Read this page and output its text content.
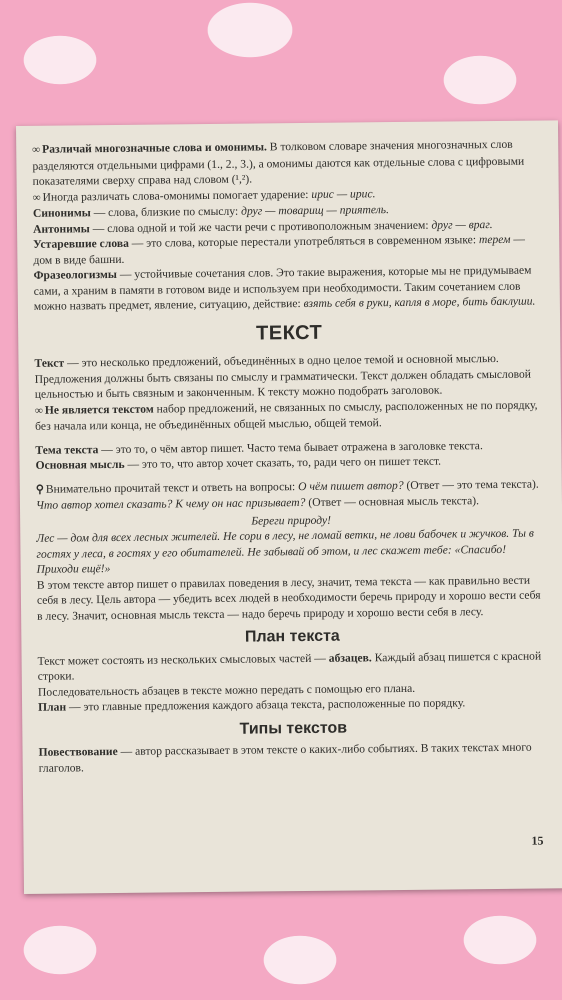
∞ Различай многозначные слова и омонимы. В толковом словаре значения многозначных слов разделяются отдельными цифрами (1., 2., 3.), а омонимы даются как отдельные слова с цифровыми показателями сверху справа над словом (¹,²).

∞ Иногда различать слова-омонимы помогает ударение: ирис — ирис.

Синонимы — слова, близкие по смыслу: друг — товарищ — приятель.

Антонимы — слова одной и той же части речи с противоположным значением: друг — враг.

Устаревшие слова — это слова, которые перестали употребляться в современном языке: терем — дом в виде башни.

Фразеологизмы — устойчивые сочетания слов. Это такие выражения, которые мы не придумываем сами, а храним в памяти в готовом виде и используем при необходимости. Таким сочетанием слов можно назвать предмет, явление, ситуацию, действие: взять себя в руки, капля в море, бить баклуши.

ТЕКСТ

Текст — это несколько предложений, объединённых в одно целое темой и основной мыслью. Предложения должны быть связаны по смыслу и грамматически. Текст должен обладать смысловой цельностью и быть связным и законченным. К тексту можно подобрать заголовок.

∞ Не является текстом набор предложений, не связанных по смыслу, расположенных не по порядку, без начала или конца, не объединённых общей мыслью, общей темой.

Тема текста — это то, о чём автор пишет. Часто тема бывает отражена в заголовке текста.

Основная мысль — это то, что автор хочет сказать, то, ради чего он пишет текст.

⚲ Внимательно прочитай текст и ответь на вопросы: О чём пишет автор? (Ответ — это тема текста). Что автор хотел сказать? К чему он нас призывает? (Ответ — основная мысль текста).

Береги природу!

Лес — дом для всех лесных жителей. Не сори в лесу, не ломай ветки, не лови бабочек и жучков. Ты в гостях у леса, в гостях у его обитателей. Не забывай об этом, и лес скажет тебе: «Спасибо! Приходи ещё!»

В этом тексте автор пишет о правилах поведения в лесу, значит, тема текста — как правильно вести себя в лесу. Цель автора — убедить всех людей в необходимости беречь природу и хорошо вести себя в лесу. Значит, основная мысль текста — надо беречь природу и хорошо вести себя в лесу.

План текста

Текст может состоять из нескольких смысловых частей — абзацев. Каждый абзац пишется с красной строки.

Последовательность абзацев в тексте можно передать с помощью его плана.

План — это главные предложения каждого абзаца текста, расположенные по порядку.

Типы текстов

Повествование — автор рассказывает в этом тексте о каких-либо событиях. В таких текстах много глаголов.

15
